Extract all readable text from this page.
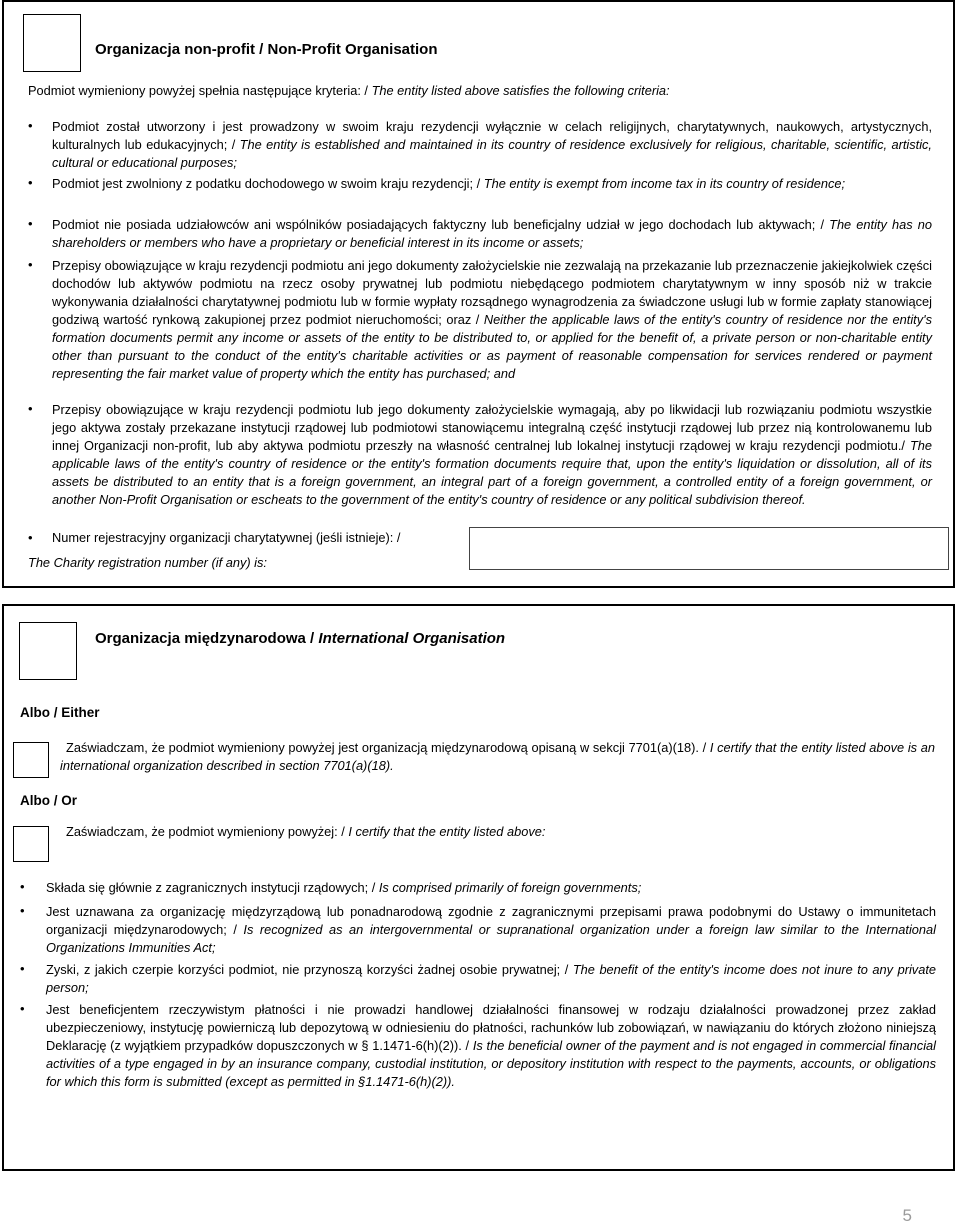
Organizacja non-profit / Non-Profit Organisation
Podmiot wymieniony powyżej spełnia następujące kryteria: / The entity listed above satisfies the following criteria:
• Podmiot został utworzony i jest prowadzony w swoim kraju rezydencji wyłącznie w celach religijnych, charytatywnych, naukowych, artystycznych, kulturalnych lub edukacyjnych; / The entity is established and maintained in its country of residence exclusively for religious, charitable, scientific, artistic, cultural or educational purposes;
• Podmiot jest zwolniony z podatku dochodowego w swoim kraju rezydencji; / The entity is exempt from income tax in its country of residence;
• Podmiot nie posiada udziałowców ani wspólników posiadających faktyczny lub beneficjalny udział w jego dochodach lub aktywach; / The entity has no shareholders or members who have a proprietary or beneficial interest in its income or assets;
• Przepisy obowiązujące w kraju rezydencji podmiotu ani jego dokumenty założycielskie nie zezwalają na przekazanie lub przeznaczenie jakiejkolwiek części dochodów lub aktywów podmiotu na rzecz osoby prywatnej lub podmiotu niebędącego podmiotem charytatywnym w inny sposób niż w trakcie wykonywania działalności charytatywnej podmiotu lub w formie wypłaty rozsądnego wynagrodzenia za świadczone usługi lub w formie zapłaty stanowiącej godziwą wartość rynkową zakupionej przez podmiot nieruchomości; oraz / Neither the applicable laws of the entity's country of residence nor the entity's formation documents permit any income or assets of the entity to be distributed to, or applied for the benefit of, a private person or non-charitable entity other than pursuant to the conduct of the entity's charitable activities or as payment of reasonable compensation for services rendered or payment representing the fair market value of property which the entity has purchased; and
• Przepisy obowiązujące w kraju rezydencji podmiotu lub jego dokumenty założycielskie wymagają, aby po likwidacji lub rozwiązaniu podmiotu wszystkie jego aktywa zostały przekazane instytucji rządowej lub podmiotowi stanowiącemu integralną część instytucji rządowej lub przez nią kontrolowanemu lub innej Organizacji non-profit, lub aby aktywa podmiotu przeszły na własność centralnej lub lokalnej instytucji rządowej w kraju rezydencji podmiotu./ The applicable laws of the entity's country of residence or the entity's formation documents require that, upon the entity's liquidation or dissolution, all of its assets be distributed to an entity that is a foreign government, an integral part of a foreign government, a controlled entity of a foreign government, or another Non-Profit Organisation or escheats to the government of the entity's country of residence or any political subdivision thereof.
• Numer rejestracyjny organizacji charytatywnej (jeśli istnieje): /
The Charity registration number (if any) is:
Organizacja międzynarodowa / International Organisation
Albo / Either
Zaświadczam, że podmiot wymieniony powyżej jest organizacją międzynarodową opisaną w sekcji 7701(a)(18). / I certify that the entity listed above is an international organization described in section 7701(a)(18).
Albo / Or
Zaświadczam, że podmiot wymieniony powyżej: / I certify that the entity listed above:
• Składa się głównie z zagranicznych instytucji rządowych; / Is comprised primarily of foreign governments;
• Jest uznawana za organizację międzyrządową lub ponadnarodową zgodnie z zagranicznymi przepisami prawa podobnymi do Ustawy o immunitetach organizacji międzynarodowych; / Is recognized as an intergovernmental or supranational organization under a foreign law similar to the International Organizations Immunities Act;
• Zyski, z jakich czerpie korzyści podmiot, nie przynoszą korzyści żadnej osobie prywatnej; / The benefit of the entity's income does not inure to any private person;
• Jest beneficjentem rzeczywistym płatności i nie prowadzi handlowej działalności finansowej w rodzaju działalności prowadzonej przez zakład ubezpieczeniowy, instytucję powierniczą lub depozytową w odniesieniu do płatności, rachunków lub zobowiązań, w nawiązaniu do których złożono niniejszą Deklarację (z wyjątkiem przypadków dopuszczonych w § 1.1471-6(h)(2)). / Is the beneficial owner of the payment and is not engaged in commercial financial activities of a type engaged in by an insurance company, custodial institution, or depository institution with respect to the payments, accounts, or obligations for which this form is submitted (except as permitted in §1.1471-6(h)(2)).
5
